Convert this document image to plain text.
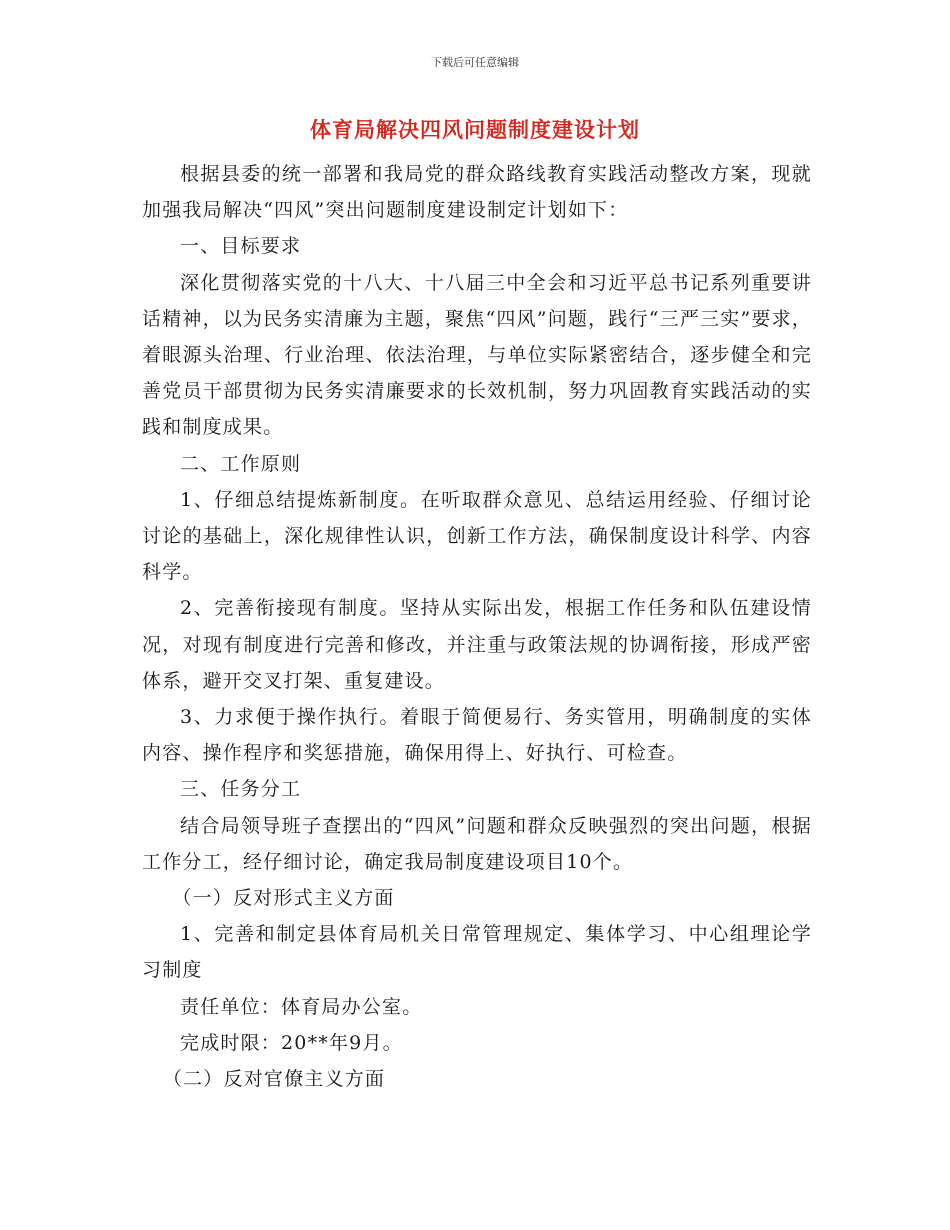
下载后可任意编辑
体育局解决四风问题制度建设计划

根据县委的统一部署和我局党的群众路线教育实践活动整改方案，现就加强我局解决“四风”突出问题制度建设制定计划如下：

一、目标要求

深化贯彻落实党的十八大、十八届三中全会和习近平总书记系列重要讲话精神，以为民务实清廉为主题，聚焦“四风”问题，践行“三严三实”要求，着眼源头治理、行业治理、依法治理，与单位实际紧密结合，逐步健全和完善党员干部贯彻为民务实清廉要求的长效机制，努力巩固教育实践活动的实践和制度成果。

二、工作原则

1、仔细总结提炼新制度。在听取群众意见、总结运用经验、仔细讨论讨论的基础上，深化规律性认识，创新工作方法，确保制度设计科学、内容科学。

2、完善衔接现有制度。坚持从实际出发，根据工作任务和队伍建设情况，对现有制度进行完善和修改，并注重与政策法规的协调衔接，形成严密体系，避开交叉打架、重复建设。

3、力求便于操作执行。着眼于简便易行、务实管用，明确制度的实体内容、操作程序和奖惩措施，确保用得上、好执行、可检查。

三、任务分工

结合局领导班子查摆出的“四风”问题和群众反映强烈的突出问题，根据工作分工，经仔细讨论，确定我局制度建设项目10个。

（一）反对形式主义方面

1、完善和制定县体育局机关日常管理规定、集体学习、中心组理论学习制度

责任单位：体育局办公室。

完成时限：20**年9月。

（二）反对官僚主义方面
